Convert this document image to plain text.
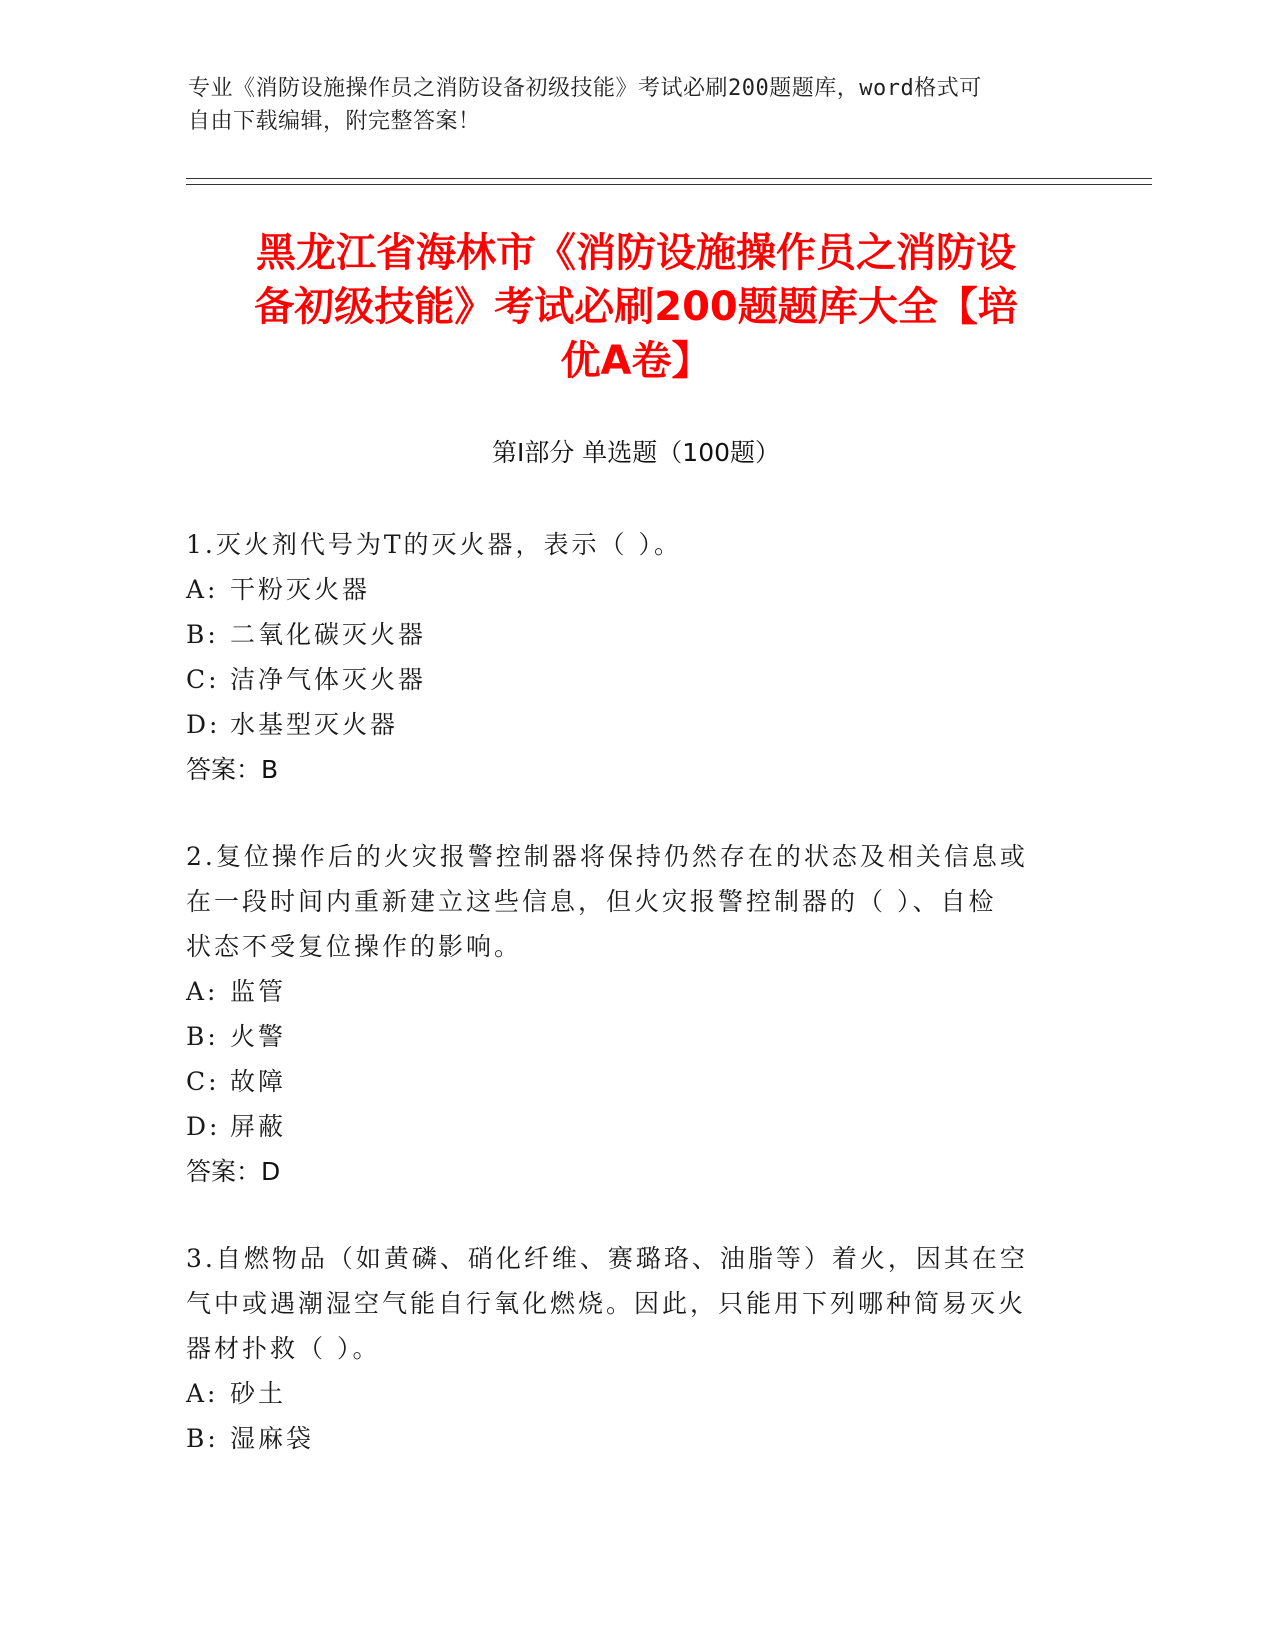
专业《消防设施操作员之消防设备初级技能》考试必刷200题题库，word格式可
自由下载编辑，附完整答案！
黑龙江省海林市《消防设施操作员之消防设
备初级技能》考试必刷200题题库大全【培
优A卷】
第Ⅰ部分 单选题（100题）

1.灭火剂代号为T的灭火器，表示（ ）。

A: 干粉灭火器

B: 二氧化碳灭火器

C: 洁净气体灭火器

D: 水基型灭火器

答案：B

2.复位操作后的火灾报警控制器将保持仍然存在的状态及相关信息或

在一段时间内重新建立这些信息，但火灾报警控制器的（ ）、自检

状态不受复位操作的影响。

A: 监管

B: 火警

C: 故障

D: 屏蔽

答案：D

3.自燃物品（如黄磷、硝化纤维、赛璐珞、油脂等）着火，因其在空

气中或遇潮湿空气能自行氧化燃烧。因此，只能用下列哪种简易灭火

器材扑救（ ）。

A: 砂土

B: 湿麻袋
